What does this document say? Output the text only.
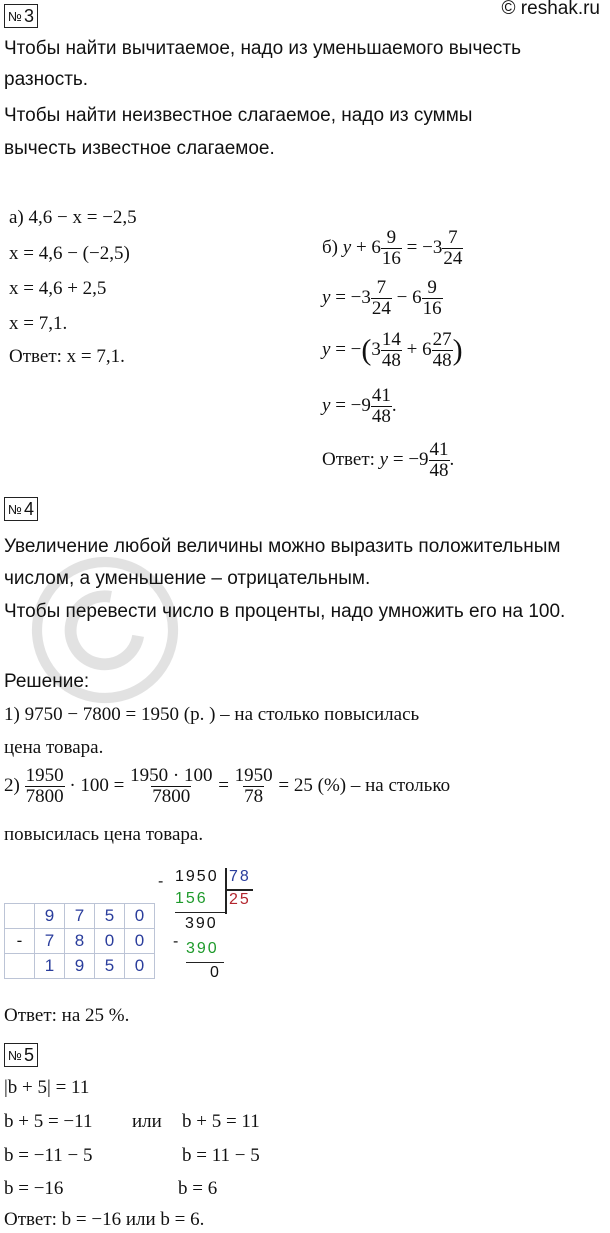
© reshak.ru
№ 3
Чтобы найти вычитаемое, надо из уменьшаемого вычесть
разность.
Чтобы найти неизвестное слагаемое, надо из суммы
вычесть известное слагаемое.
а) 4,6 − x = −2,5
x = 4,6 − (−2,5)
x = 4,6 + 2,5
x = 7,1.
Ответ: x = 7,1.
б) $y + 6 \frac{9}{16} = -3 \frac{7}{24}$
$y = -3 \frac{7}{24} - 6 \frac{9}{16}$
$y = -(3 \frac{14}{48} + 6 \frac{27}{48}$ )
$y = -9 \frac{41}{48}$ .
Ответ: $y = -9 \frac{41}{48}$ .
№ 4
Увеличение любой величины можно выразить положительным
числом, а уменьшение – отрицательным.
Чтобы перевести число в проценты, надо умножить его на 100.
Решение:
1) 9750 − 7800 = 1950 (р. ) – на столько повысилась
цена товара.
$2) \frac{1950}{7800} \cdot 100 = \frac{1950 \cdot 100}{7800} = \frac{1950}{78} = 25$ (%) – на столько
повысилась цена товара.
	9	7	5	0
-	7	8	0	0
	1	9	5	0
- 1950 78
156 25
390
- 390
0
Ответ: на 25 %.
№ 5
|b + 5| = 11
b + 5 = −11 или b + 5 = 11
b = −11 − 5	b = 11 − 5
b = −16	b = 6
Ответ: b = −16 или b = 6.
